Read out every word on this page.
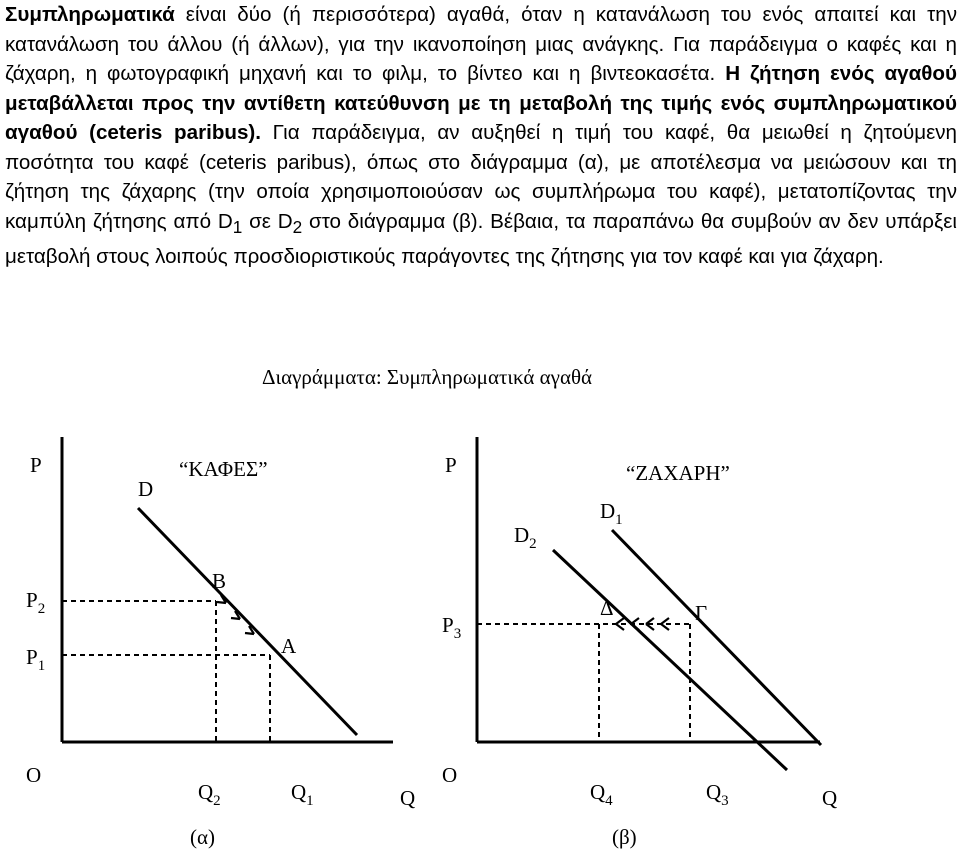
Συμπληρωματικά είναι δύο (ή περισσότερα) αγαθά, όταν η κατανάλωση του ενός απαιτεί και την κατανάλωση του άλλου (ή άλλων), για την ικανοποίηση μιας ανάγκης. Για παράδειγμα ο καφές και η ζάχαρη, η φωτογραφική μηχανή και το φιλμ, το βίντεο και η βιντεοκασέτα. Η ζήτηση ενός αγαθού μεταβάλλεται προς την αντίθετη κατεύθυνση με τη μεταβολή της τιμής ενός συμπληρωματικού αγαθού (ceteris paribus). Για παράδειγμα, αν αυξηθεί η τιμή του καφέ, θα μειωθεί η ζητούμενη ποσότητα του καφέ (ceteris paribus), όπως στο διάγραμμα (α), με αποτέλεσμα να μειώσουν και τη ζήτηση της ζάχαρης (την οποία χρησιμοποιούσαν ως συμπλήρωμα του καφέ), μετατοπίζοντας την καμπύλη ζήτησης από $D_1$ σε $D_2$ στο διάγραμμα (β). Βέβαια, τα παραπάνω θα συμβούν αν δεν υπάρξει μεταβολή στους λοιπούς προσδιοριστικούς παράγοντες της ζήτησης για τον καφέ και για ζάχαρη.

Διαγράμματα: Συμπληρωματικά αγαθά
P	“ΚΑΦΕΣ”
D
B
A
$P_2$
$P_1$
O
$Q_2$	$Q_1$	Q
(α)
P	“ΖΑΧΑΡΗ”
$D_1$
$D_2$
Δ	Γ
$P_3$
O
$Q_4$	$Q_3$	Q
(β)
